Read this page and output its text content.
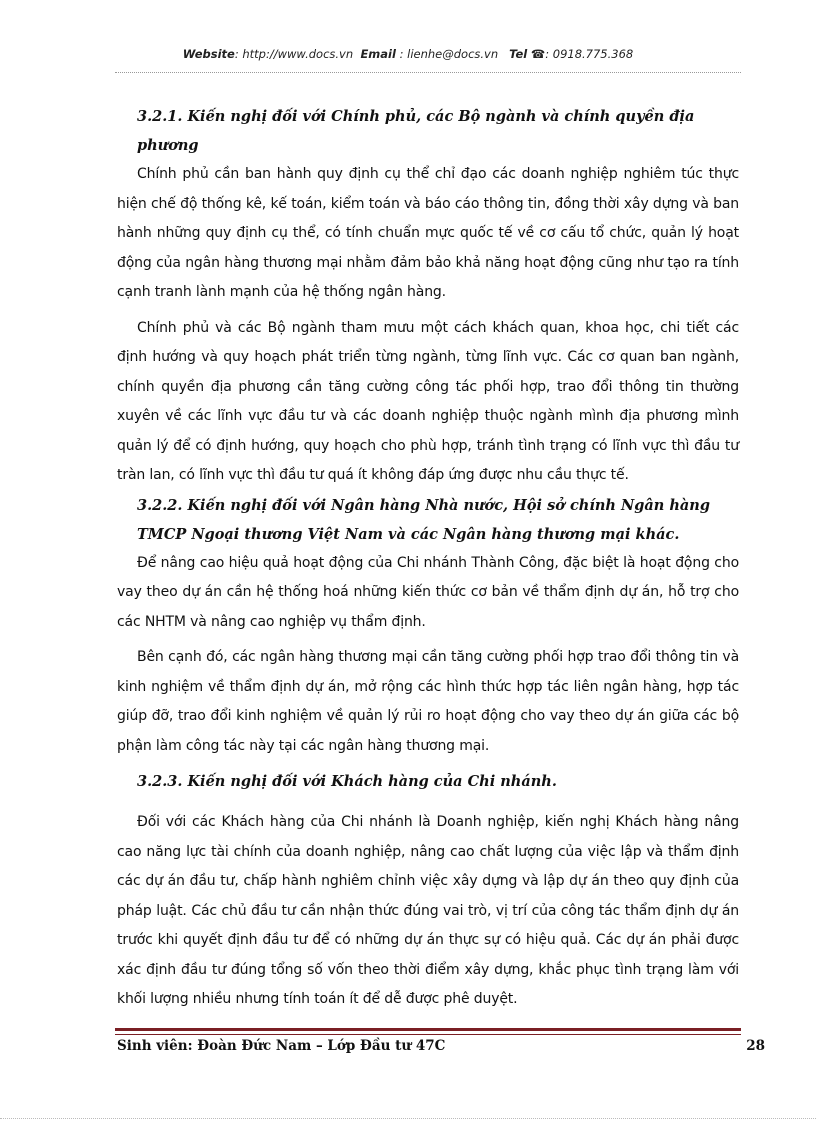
Website: http://www.docs.vn Email : lienhe@docs.vn Tel ☎: 0918.775.368

3.2.1. Kiến nghị đối với Chính phủ, các Bộ ngành và chính quyền địa phương

Chính phủ cần ban hành quy định cụ thể chỉ đạo các doanh nghiệp nghiêm túc thực hiện chế độ thống kê, kế toán, kiểm toán và báo cáo thông tin, đồng thời xây dựng và ban hành những quy định cụ thể, có tính chuẩn mực quốc tế về cơ cấu tổ chức, quản lý hoạt động của ngân hàng thương mại nhằm đảm bảo khả năng hoạt động cũng như tạo ra tính cạnh tranh lành mạnh của hệ thống ngân hàng.

Chính phủ và các Bộ ngành tham mưu một cách khách quan, khoa học, chi tiết các định hướng và quy hoạch phát triển từng ngành, từng lĩnh vực. Các cơ quan ban ngành, chính quyền địa phương cần tăng cường công tác phối hợp, trao đổi thông tin thường xuyên về các lĩnh vực đầu tư và các doanh nghiệp thuộc ngành mình địa phương mình quản lý để có định hướng, quy hoạch cho phù hợp, tránh tình trạng có lĩnh vực thì đầu tư tràn lan, có lĩnh vực thì đầu tư quá ít không đáp ứng được nhu cầu thực tế.

3.2.2. Kiến nghị đối với Ngân hàng Nhà nước, Hội sở chính Ngân hàng TMCP Ngoại thương Việt Nam và các Ngân hàng thương mại khác.

Để nâng cao hiệu quả hoạt động của Chi nhánh Thành Công, đặc biệt là hoạt động cho vay theo dự án cần hệ thống hoá những kiến thức cơ bản về thẩm định dự án, hỗ trợ cho các NHTM và nâng cao nghiệp vụ thẩm định.

Bên cạnh đó, các ngân hàng thương mại cần tăng cường phối hợp trao đổi thông tin và kinh nghiệm về thẩm định dự án, mở rộng các hình thức hợp tác liên ngân hàng, hợp tác giúp đỡ, trao đổi kinh nghiệm về quản lý rủi ro hoạt động cho vay theo dự án giữa các bộ phận làm công tác này tại các ngân hàng thương mại.

3.2.3. Kiến nghị đối với Khách hàng của Chi nhánh.

Đối với các Khách hàng của Chi nhánh là Doanh nghiệp, kiến nghị Khách hàng nâng cao năng lực tài chính của doanh nghiệp, nâng cao chất lượng của việc lập và thẩm định các dự án đầu tư, chấp hành nghiêm chỉnh việc xây dựng và lập dự án theo quy định của pháp luật. Các chủ đầu tư cần nhận thức đúng vai trò, vị trí của công tác thẩm định dự án trước khi quyết định đầu tư để có những dự án thực sự có hiệu quả. Các dự án phải được xác định đầu tư đúng tổng số vốn theo thời điểm xây dựng, khắc phục tình trạng làm với khối lượng nhiều nhưng tính toán ít để dễ được phê duyệt.

Sinh viên: Đoàn Đức Nam – Lớp Đầu tư 47C	28
